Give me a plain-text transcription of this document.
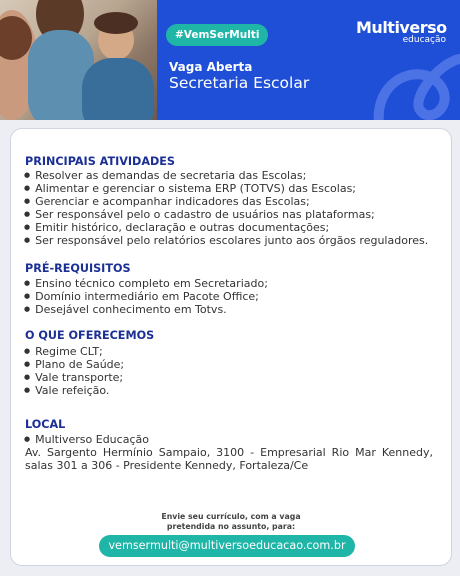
#VemSerMulti
Vaga Aberta
Secretaria Escolar
Multiverso
educação
PRINCIPAIS ATIVIDADES
● Resolver as demandas de secretaria das Escolas;
● Alimentar e gerenciar o sistema ERP (TOTVS) das Escolas;
● Gerenciar e acompanhar indicadores das Escolas;
● Ser responsável pelo o cadastro de usuários nas plataformas;
● Emitir histórico, declaração e outras documentações;
● Ser responsável pelo relatórios escolares junto aos órgãos reguladores.
PRÉ-REQUISITOS
● Ensino técnico completo em Secretariado;
● Domínio intermediário em Pacote Office;
● Desejável conhecimento em Totvs.
O QUE OFERECEMOS
● Regime CLT;
● Plano de Saúde;
● Vale transporte;
● Vale refeição.
LOCAL
● Multiverso Educação
Av. Sargento Hermínio Sampaio, 3100 - Empresarial Rio Mar Kennedy, salas 301 a 306 - Presidente Kennedy, Fortaleza/Ce
Envie seu currículo, com a vaga
pretendida no assunto, para:
vemsermulti@multiversoeducacao.com.br
